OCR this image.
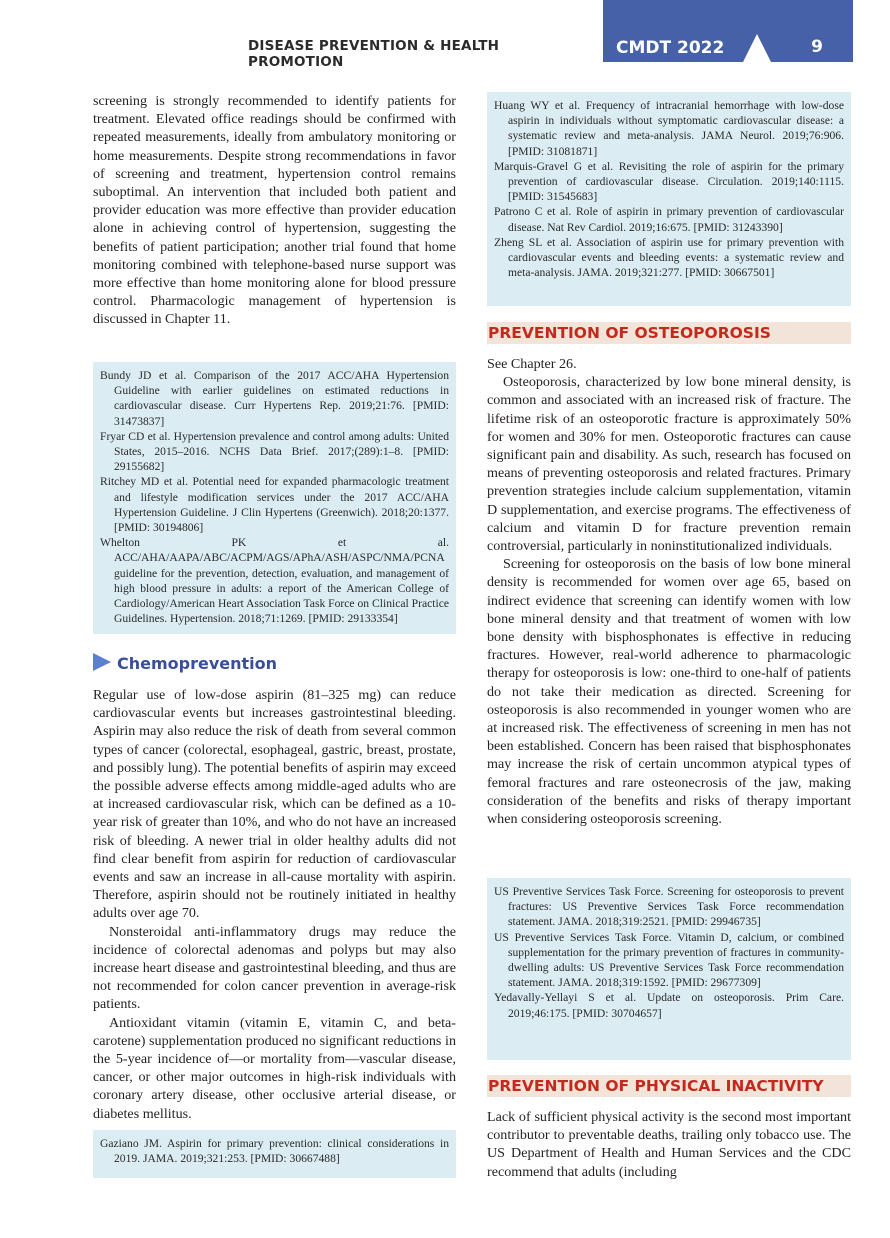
DISEASE PREVENTION & HEALTH PROMOTION
CMDT 2022	9

screening is strongly recommended to identify patients for treatment. Elevated office readings should be confirmed with repeated measurements, ideally from ambulatory monitoring or home measurements. Despite strong recommendations in favor of screening and treatment, hypertension control remains suboptimal. An intervention that included both patient and provider education was more effective than provider education alone in achieving control of hypertension, suggesting the benefits of patient participation; another trial found that home monitoring combined with telephone-based nurse support was more effective than home monitoring alone for blood pressure control. Pharmacologic management of hypertension is discussed in Chapter 11.

Bundy JD et al. Comparison of the 2017 ACC/AHA Hypertension Guideline with earlier guidelines on estimated reductions in cardiovascular disease. Curr Hypertens Rep. 2019;21:76. [PMID: 31473837]
Fryar CD et al. Hypertension prevalence and control among adults: United States, 2015–2016. NCHS Data Brief. 2017;(289):1–8. [PMID: 29155682]
Ritchey MD et al. Potential need for expanded pharmacologic treatment and lifestyle modification services under the 2017 ACC/AHA Hypertension Guideline. J Clin Hypertens (Greenwich). 2018;20:1377. [PMID: 30194806]
Whelton PK et al. ACC/AHA/AAPA/ABC/ACPM/AGS/APhA/ASH/ASPC/NMA/PCNA guideline for the prevention, detection, evaluation, and management of high blood pressure in adults: a report of the American College of Cardiology/American Heart Association Task Force on Clinical Practice Guidelines. Hypertension. 2018;71:1269. [PMID: 29133354]
Chemoprevention

Regular use of low-dose aspirin (81–325 mg) can reduce cardiovascular events but increases gastrointestinal bleeding. Aspirin may also reduce the risk of death from several common types of cancer (colorectal, esophageal, gastric, breast, prostate, and possibly lung). The potential benefits of aspirin may exceed the possible adverse effects among middle-aged adults who are at increased cardiovascular risk, which can be defined as a 10-year risk of greater than 10%, and who do not have an increased risk of bleeding. A newer trial in older healthy adults did not find clear benefit from aspirin for reduction of cardiovascular events and saw an increase in all-cause mortality with aspirin. Therefore, aspirin should not be routinely initiated in healthy adults over age 70.

Nonsteroidal anti-inflammatory drugs may reduce the incidence of colorectal adenomas and polyps but may also increase heart disease and gastrointestinal bleeding, and thus are not recommended for colon cancer prevention in average-risk patients.

Antioxidant vitamin (vitamin E, vitamin C, and beta-carotene) supplementation produced no significant reductions in the 5-year incidence of—or mortality from—vascular disease, cancer, or other major outcomes in high-risk individuals with coronary artery disease, other occlusive arterial disease, or diabetes mellitus.

Gaziano JM. Aspirin for primary prevention: clinical considerations in 2019. JAMA. 2019;321:253. [PMID: 30667488]
Huang WY et al. Frequency of intracranial hemorrhage with low-dose aspirin in individuals without symptomatic cardiovascular disease: a systematic review and meta-analysis. JAMA Neurol. 2019;76:906. [PMID: 31081871]
Marquis-Gravel G et al. Revisiting the role of aspirin for the primary prevention of cardiovascular disease. Circulation. 2019;140:1115. [PMID: 31545683]
Patrono C et al. Role of aspirin in primary prevention of cardiovascular disease. Nat Rev Cardiol. 2019;16:675. [PMID: 31243390]
Zheng SL et al. Association of aspirin use for primary prevention with cardiovascular events and bleeding events: a systematic review and meta-analysis. JAMA. 2019;321:277. [PMID: 30667501]
PREVENTION OF OSTEOPOROSIS

See Chapter 26.

Osteoporosis, characterized by low bone mineral density, is common and associated with an increased risk of fracture. The lifetime risk of an osteoporotic fracture is approximately 50% for women and 30% for men. Osteoporotic fractures can cause significant pain and disability. As such, research has focused on means of preventing osteoporosis and related fractures. Primary prevention strategies include calcium supplementation, vitamin D supplementation, and exercise programs. The effectiveness of calcium and vitamin D for fracture prevention remain controversial, particularly in noninstitutionalized individuals.

Screening for osteoporosis on the basis of low bone mineral density is recommended for women over age 65, based on indirect evidence that screening can identify women with low bone mineral density and that treatment of women with low bone density with bisphosphonates is effective in reducing fractures. However, real-world adherence to pharmacologic therapy for osteoporosis is low: one-third to one-half of patients do not take their medication as directed. Screening for osteoporosis is also recommended in younger women who are at increased risk. The effectiveness of screening in men has not been established. Concern has been raised that bisphosphonates may increase the risk of certain uncommon atypical types of femoral fractures and rare osteonecrosis of the jaw, making consideration of the benefits and risks of therapy important when considering osteoporosis screening.

US Preventive Services Task Force. Screening for osteoporosis to prevent fractures: US Preventive Services Task Force recommendation statement. JAMA. 2018;319:2521. [PMID: 29946735]
US Preventive Services Task Force. Vitamin D, calcium, or combined supplementation for the primary prevention of fractures in community-dwelling adults: US Preventive Services Task Force recommendation statement. JAMA. 2018;319:1592. [PMID: 29677309]
Yedavally-Yellayi S et al. Update on osteoporosis. Prim Care. 2019;46:175. [PMID: 30704657]
PREVENTION OF PHYSICAL INACTIVITY

Lack of sufficient physical activity is the second most important contributor to preventable deaths, trailing only tobacco use. The US Department of Health and Human Services and the CDC recommend that adults (including
